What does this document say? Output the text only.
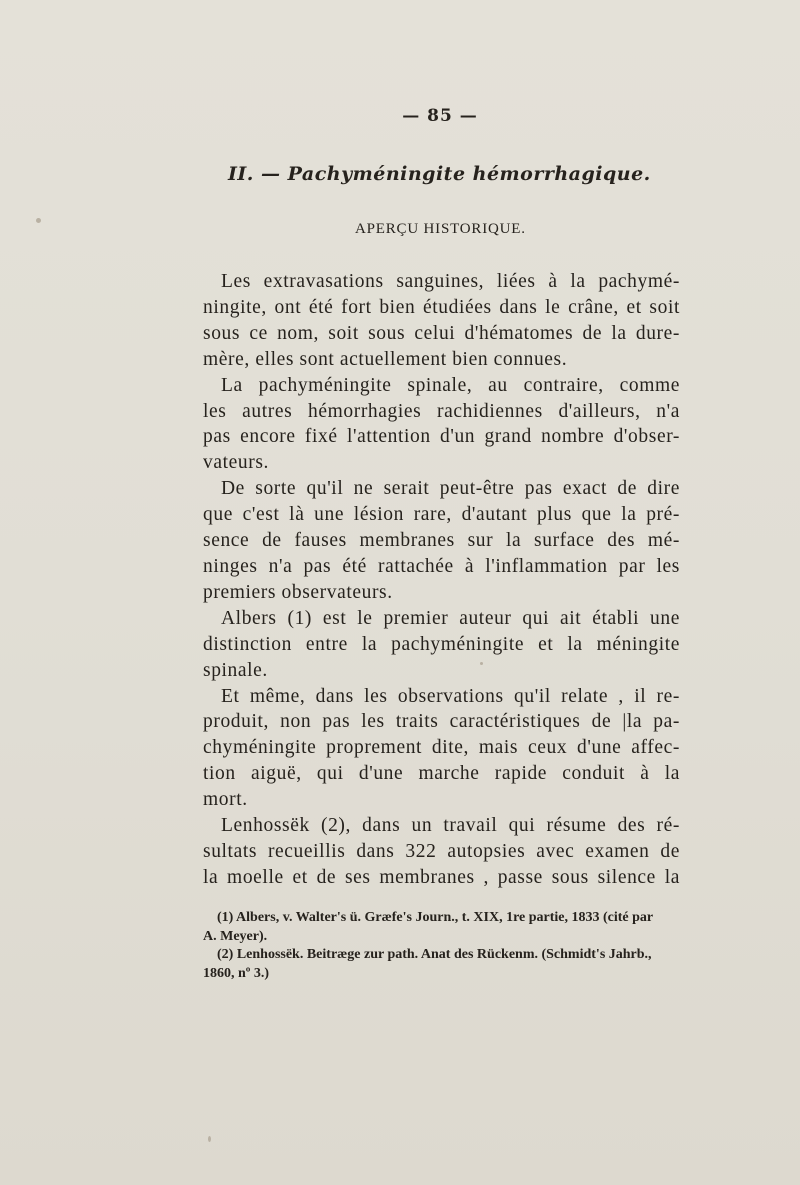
— 85 —
II. — Pachyméningite hémorrhagique.
APERÇU HISTORIQUE.

Les extravasations sanguines, liées à la pachymé-
ningite, ont été fort bien étudiées dans le crâne, et soit
sous ce nom, soit sous celui d'hématomes de la dure-
mère, elles sont actuellement bien connues.

La pachyméningite spinale, au contraire, comme
les autres hémorrhagies rachidiennes d'ailleurs, n'a
pas encore fixé l'attention d'un grand nombre d'obser-
vateurs.

De sorte qu'il ne serait peut-être pas exact de dire
que c'est là une lésion rare, d'autant plus que la pré-
sence de fauses membranes sur la surface des mé-
ninges n'a pas été rattachée à l'inflammation par les
premiers observateurs.

Albers (1) est le premier auteur qui ait établi une
distinction entre la pachyméningite et la méningite
spinale.

Et même, dans les observations qu'il relate , il re-
produit, non pas les traits caractéristiques de |la pa-
chyméningite proprement dite, mais ceux d'une affec-
tion aiguë, qui d'une marche rapide conduit à la
mort.

Lenhossëk (2), dans un travail qui résume des ré-
sultats recueillis dans 322 autopsies avec examen de
la moelle et de ses membranes , passe sous silence la

(1) Albers, v. Walter's ü. Græfe's Journ., t. XIX, 1re partie, 1833 (cité par
A. Meyer).

(2) Lenhossëk. Beitræge zur path. Anat des Rückenm. (Schmidt's Jahrb.,
1860, nº 3.)
